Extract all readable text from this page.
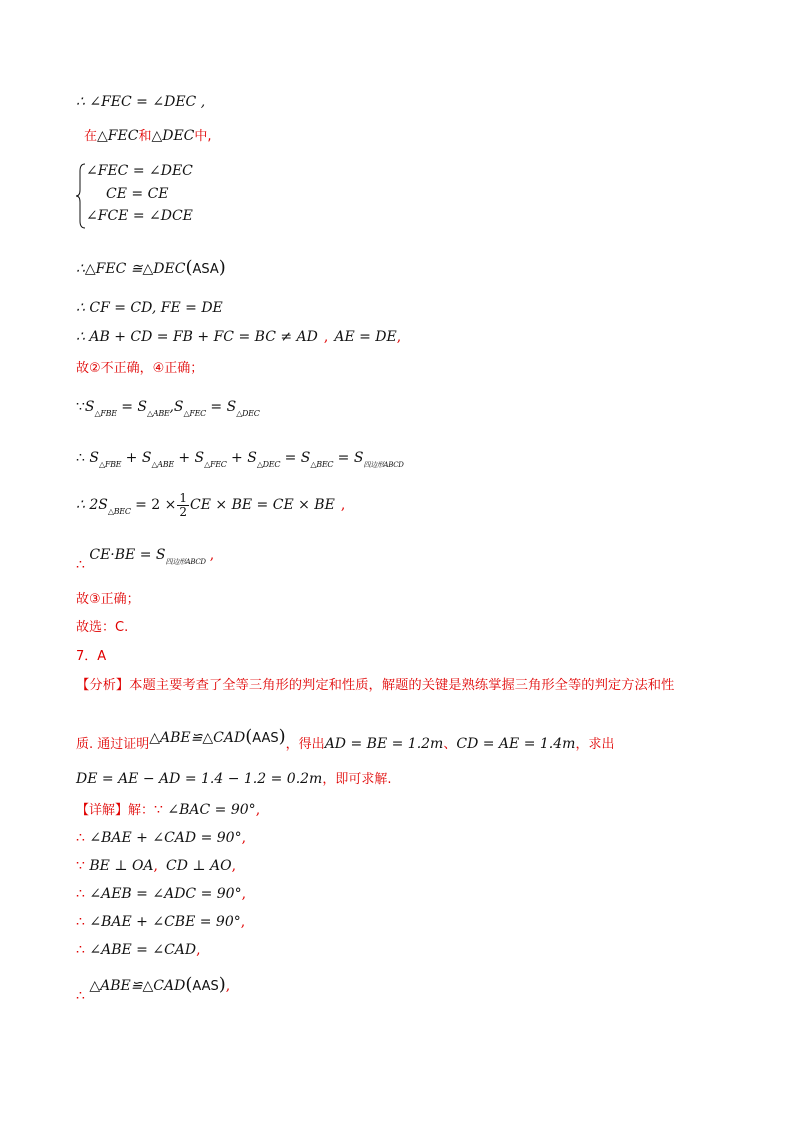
∴ ∠FEC = ∠DEC ,
在△FEC和△DEC中,
∠FEC = ∠DEC
CE = CE
∠FCE = ∠DCE
∴△FEC ≅△DEC(ASA)
∴ CF = CD, FE = DE
∴ AB + CD = FB + FC = BC ≠ AD , AE = DE,
故②不正确，④正确；
$\because S_{\triangle FBE} = S_{\triangle ABE},S_{\triangle FEC} = S_{\triangle DEC}$
∴ $S_{\triangle FBE} + S_{\triangle ABE} + S_{\triangle FEC} + S_{\triangle DEC} = S_{\triangle BEC} = S_{四边形ABCD}$
∴ $2S_{\triangle BEC} = 2 \times \frac{1}{2}$ CE × BE = CE × BE ,
∴ $CE\cdot BE = S_{四边形ABCD}$ ,
故③正确；
故选：C.
7．A
【分析】本题主要考查了全等三角形的判定和性质，解题的关键是熟练掌握三角形全等的判定方法和性
质. 通过证明△ABE≌△CAD(AAS)，得出AD = BE = 1.2m、CD = AE = 1.4m，求出
DE = AE − AD = 1.4 − 1.2 = 0.2m，即可求解.
【详解】解：∵ ∠BAC = 90°,
∴ ∠BAE + ∠CAD = 90°,
∵ BE ⊥ OA, CD ⊥ AO,
∴ ∠AEB = ∠ADC = 90°,
∴ ∠BAE + ∠CBE = 90°,
∴ ∠ABE = ∠CAD,
∴ △ABE≌△CAD(AAS),
